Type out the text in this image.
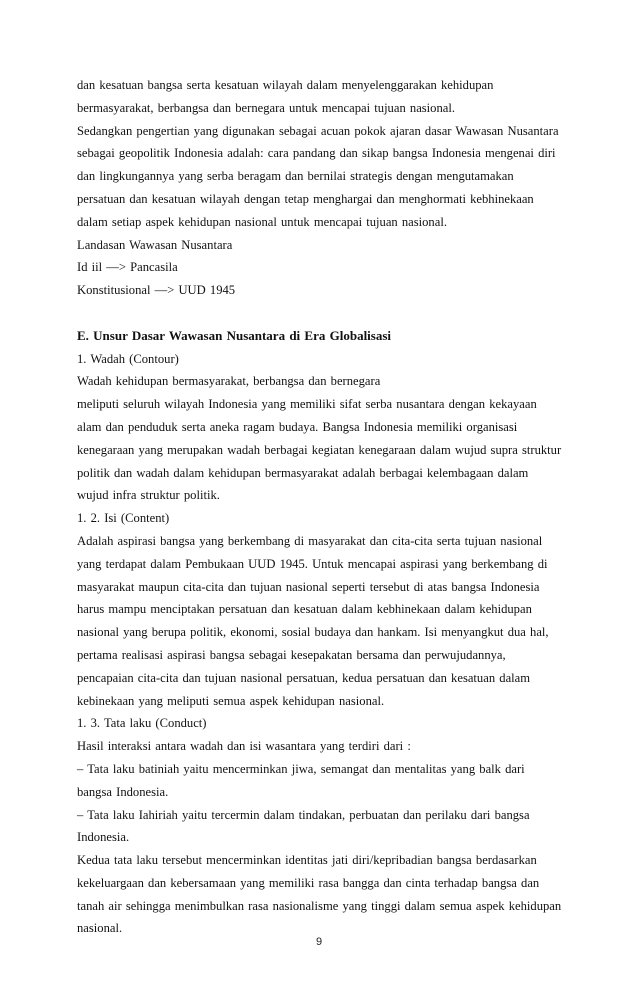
dan kesatuan bangsa serta kesatuan wilayah dalam menyelenggarakan kehidupan
bermasyarakat, berbangsa dan bernegara untuk mencapai tujuan nasional.
Sedangkan pengertian yang digunakan sebagai acuan pokok ajaran dasar Wawasan Nusantara
sebagai geopolitik Indonesia adalah: cara pandang dan sikap bangsa Indonesia mengenai diri
dan lingkungannya yang serba beragam dan bernilai strategis dengan mengutamakan
persatuan dan kesatuan wilayah dengan tetap menghargai dan menghormati kebhinekaan
dalam setiap aspek kehidupan nasional untuk mencapai tujuan nasional.
Landasan Wawasan Nusantara
Id iil —> Pancasila
Konstitusional —> UUD 1945
E. Unsur Dasar Wawasan Nusantara di Era Globalisasi
1. Wadah (Contour)
Wadah kehidupan bermasyarakat, berbangsa dan bernegara
meliputi seluruh wilayah Indonesia yang memiliki sifat serba nusantara dengan kekayaan
alam dan penduduk serta aneka ragam budaya. Bangsa Indonesia memiliki organisasi
kenegaraan yang merupakan wadah berbagai kegiatan kenegaraan dalam wujud supra struktur
politik dan wadah dalam kehidupan bermasyarakat adalah berbagai kelembagaan dalam
wujud infra struktur politik.
1. 2. Isi (Content)
Adalah aspirasi bangsa yang berkembang di masyarakat dan cita-cita serta tujuan nasional
yang terdapat dalam Pembukaan UUD 1945. Untuk mencapai aspirasi yang berkembang di
masyarakat maupun cita-cita dan tujuan nasional seperti tersebut di atas bangsa Indonesia
harus mampu menciptakan persatuan dan kesatuan dalam kebhinekaan dalam kehidupan
nasional yang berupa politik, ekonomi, sosial budaya dan hankam. Isi menyangkut dua hal,
pertama realisasi aspirasi bangsa sebagai kesepakatan bersama dan perwujudannya,
pencapaian cita-cita dan tujuan nasional persatuan, kedua persatuan dan kesatuan dalam
kebinekaan yang meliputi semua aspek kehidupan nasional.
1. 3. Tata laku (Conduct)
Hasil interaksi antara wadah dan isi wasantara yang terdiri dari :
– Tata laku batiniah yaitu mencerminkan jiwa, semangat dan mentalitas yang balk dari
bangsa Indonesia.
– Tata laku Iahiriah yaitu tercermin dalam tindakan, perbuatan dan perilaku dari bangsa
Indonesia.
Kedua tata laku tersebut mencerminkan identitas jati diri/kepribadian bangsa berdasarkan
kekeluargaan dan kebersamaan yang memiliki rasa bangga dan cinta terhadap bangsa dan
tanah air sehingga menimbulkan rasa nasionalisme yang tinggi dalam semua aspek kehidupan
nasional.
9
